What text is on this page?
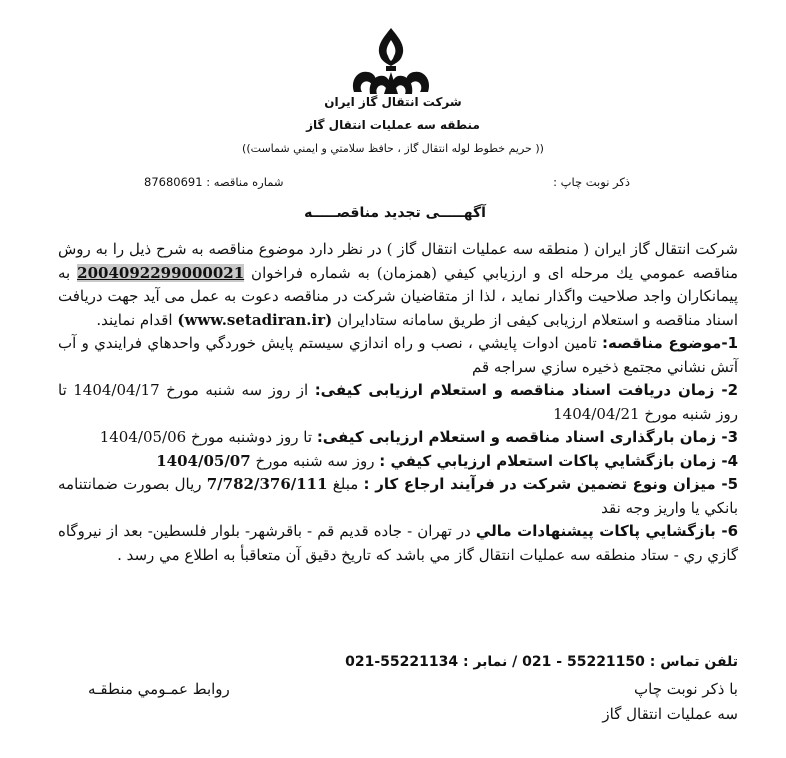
شركت انتقال گاز ايران
منطقه سه عمليات انتقال گاز
((حريم خطوط لوله انتقال گاز ، حافظ سلامتي و ايمني شماست ))
ذكر نوبت چاپ :
شماره مناقصه : 87680691
آگهـــــی تجدید مناقصـــــه

شركت انتقال گاز ایران ( منطقه سه عمليات انتقال گاز ) در نظر دارد موضوع مناقصه به شرح ذيل را به روش مناقصه عمومي يك مرحله اى و ارزيابي كيفي (همزمان) به شماره فراخوان 2004092299000021 به پیمانکاران واجد صلاحیت واگذار نماید ، لذا از متقاضيان شركت در مناقصه دعوت به عمل مى آيد جهت دریافت اسناد مناقصه و استعلام ارزیابی کیفی از طریق سامانه ستادایران (www.setadiran.ir) اقدام نمایند.

1-موضوع مناقصه: تامين ادوات پايشي ، نصب و راه اندازي سيستم پايش خوردگي واحدهاي فرايندي و آب آتش نشاني مجتمع ذخيره سازي سراجه قم

2- زمان دریافت اسناد مناقصه و استعلام ارزیابی کیفی: از روز سه شنبه مورخ 1404/04/17 تا روز شنبه مورخ 1404/04/21

3- زمان بارگذاری اسناد مناقصه و استعلام ارزیابی کیفی: تا روز دوشنبه مورخ 1404/05/06

4- زمان بازگشايي پاكات استعلام ارزيابي كيفي : روز سه شنبه مورخ 1404/05/07

5- ميزان ونوع تضمين شركت در فرآيند ارجاع كار : مبلغ 7/782/376/111 ريال بصورت ضمانتنامه بانكي يا واريز وجه نقد

6- بازگشايي پاكات پيشنهادات مالي در تهران - جاده قديم قم - باقرشهر- بلوار فلسطين- بعد از نيروگاه گازي ري - ستاد منطقه سه عمليات انتقال گاز مي باشد كه تاريخ دقيق آن متعاقبأ به اطلاع مي رسد .

تلفن تماس : 55221150 - 021 / نمابر : 55221134-021
با ذكر نوبت چاپ
روابط عمـومي منطقـه
سه عمليات انتقال گاز
